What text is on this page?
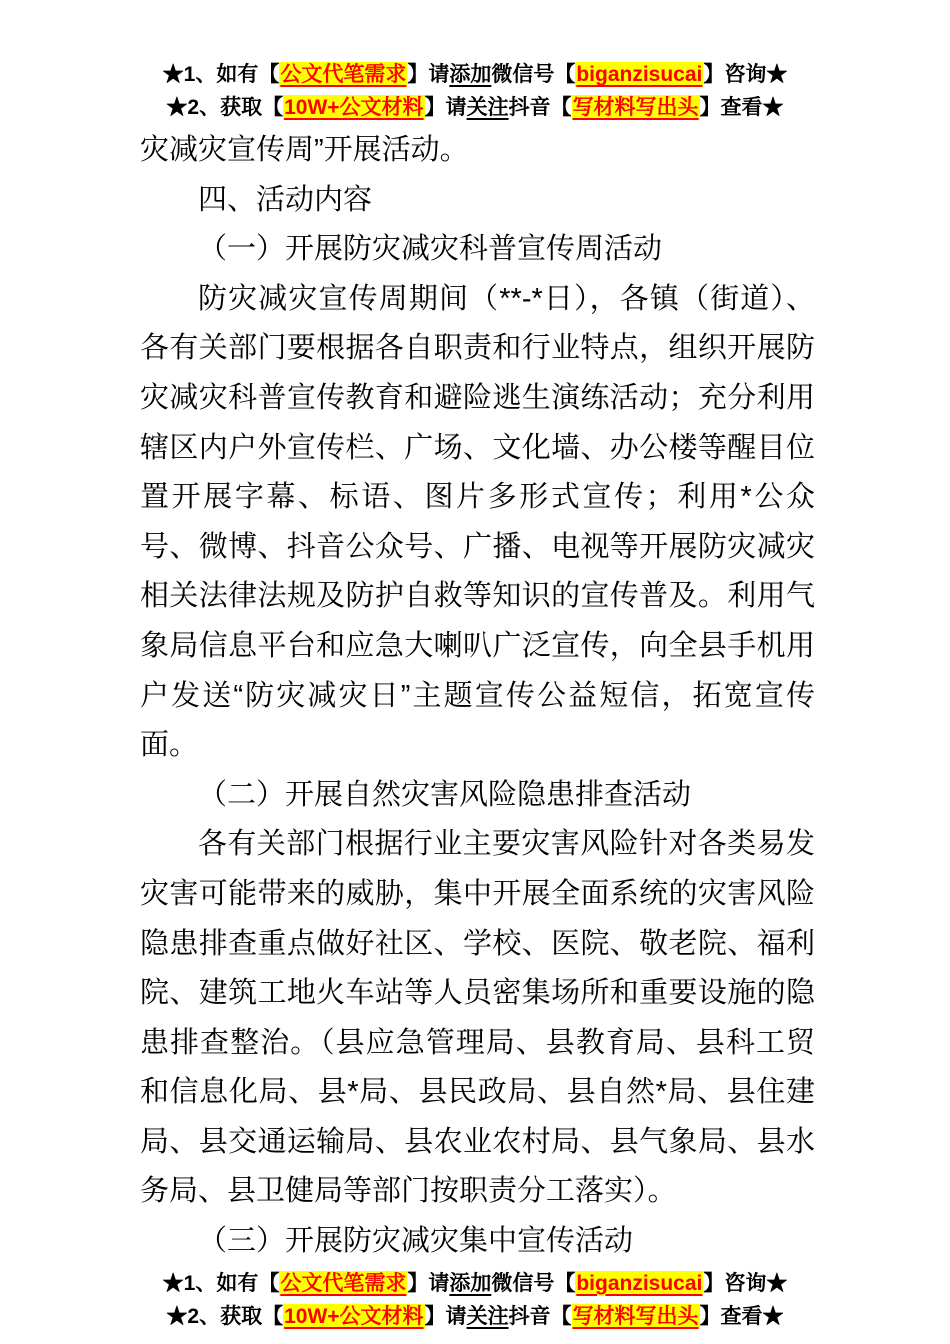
★1、如有【公文代笔需求】请添加微信号【biganzisucai】咨询★
★2、获取【10W+公文材料】请关注抖音【写材料写出头】查看★

灾减灾宣传周”开展活动。

四、活动内容

（一）开展防灾减灾科普宣传周活动

防灾减灾宣传周期间（**-*日），各镇（街道）、各有关部门要根据各自职责和行业特点，组织开展防灾减灾科普宣传教育和避险逃生演练活动；充分利用辖区内户外宣传栏、广场、文化墙、办公楼等醒目位置开展字幕、标语、图片多形式宣传；利用*公众号、微博、抖音公众号、广播、电视等开展防灾减灾相关法律法规及防护自救等知识的宣传普及。利用气象局信息平台和应急大喇叭广泛宣传，向全县手机用户发送“防灾减灾日”主题宣传公益短信，拓宽宣传面。

（二）开展自然灾害风险隐患排查活动

各有关部门根据行业主要灾害风险针对各类易发灾害可能带来的威胁，集中开展全面系统的灾害风险隐患排查重点做好社区、学校、医院、敬老院、福利院、建筑工地火车站等人员密集场所和重要设施的隐患排查整治。（县应急管理局、县教育局、县科工贸和信息化局、县*局、县民政局、县自然*局、县住建局、县交通运输局、县农业农村局、县气象局、县水务局、县卫健局等部门按职责分工落实）。

（三）开展防灾减灾集中宣传活动

★1、如有【公文代笔需求】请添加微信号【biganzisucai】咨询★
★2、获取【10W+公文材料】请关注抖音【写材料写出头】查看★
